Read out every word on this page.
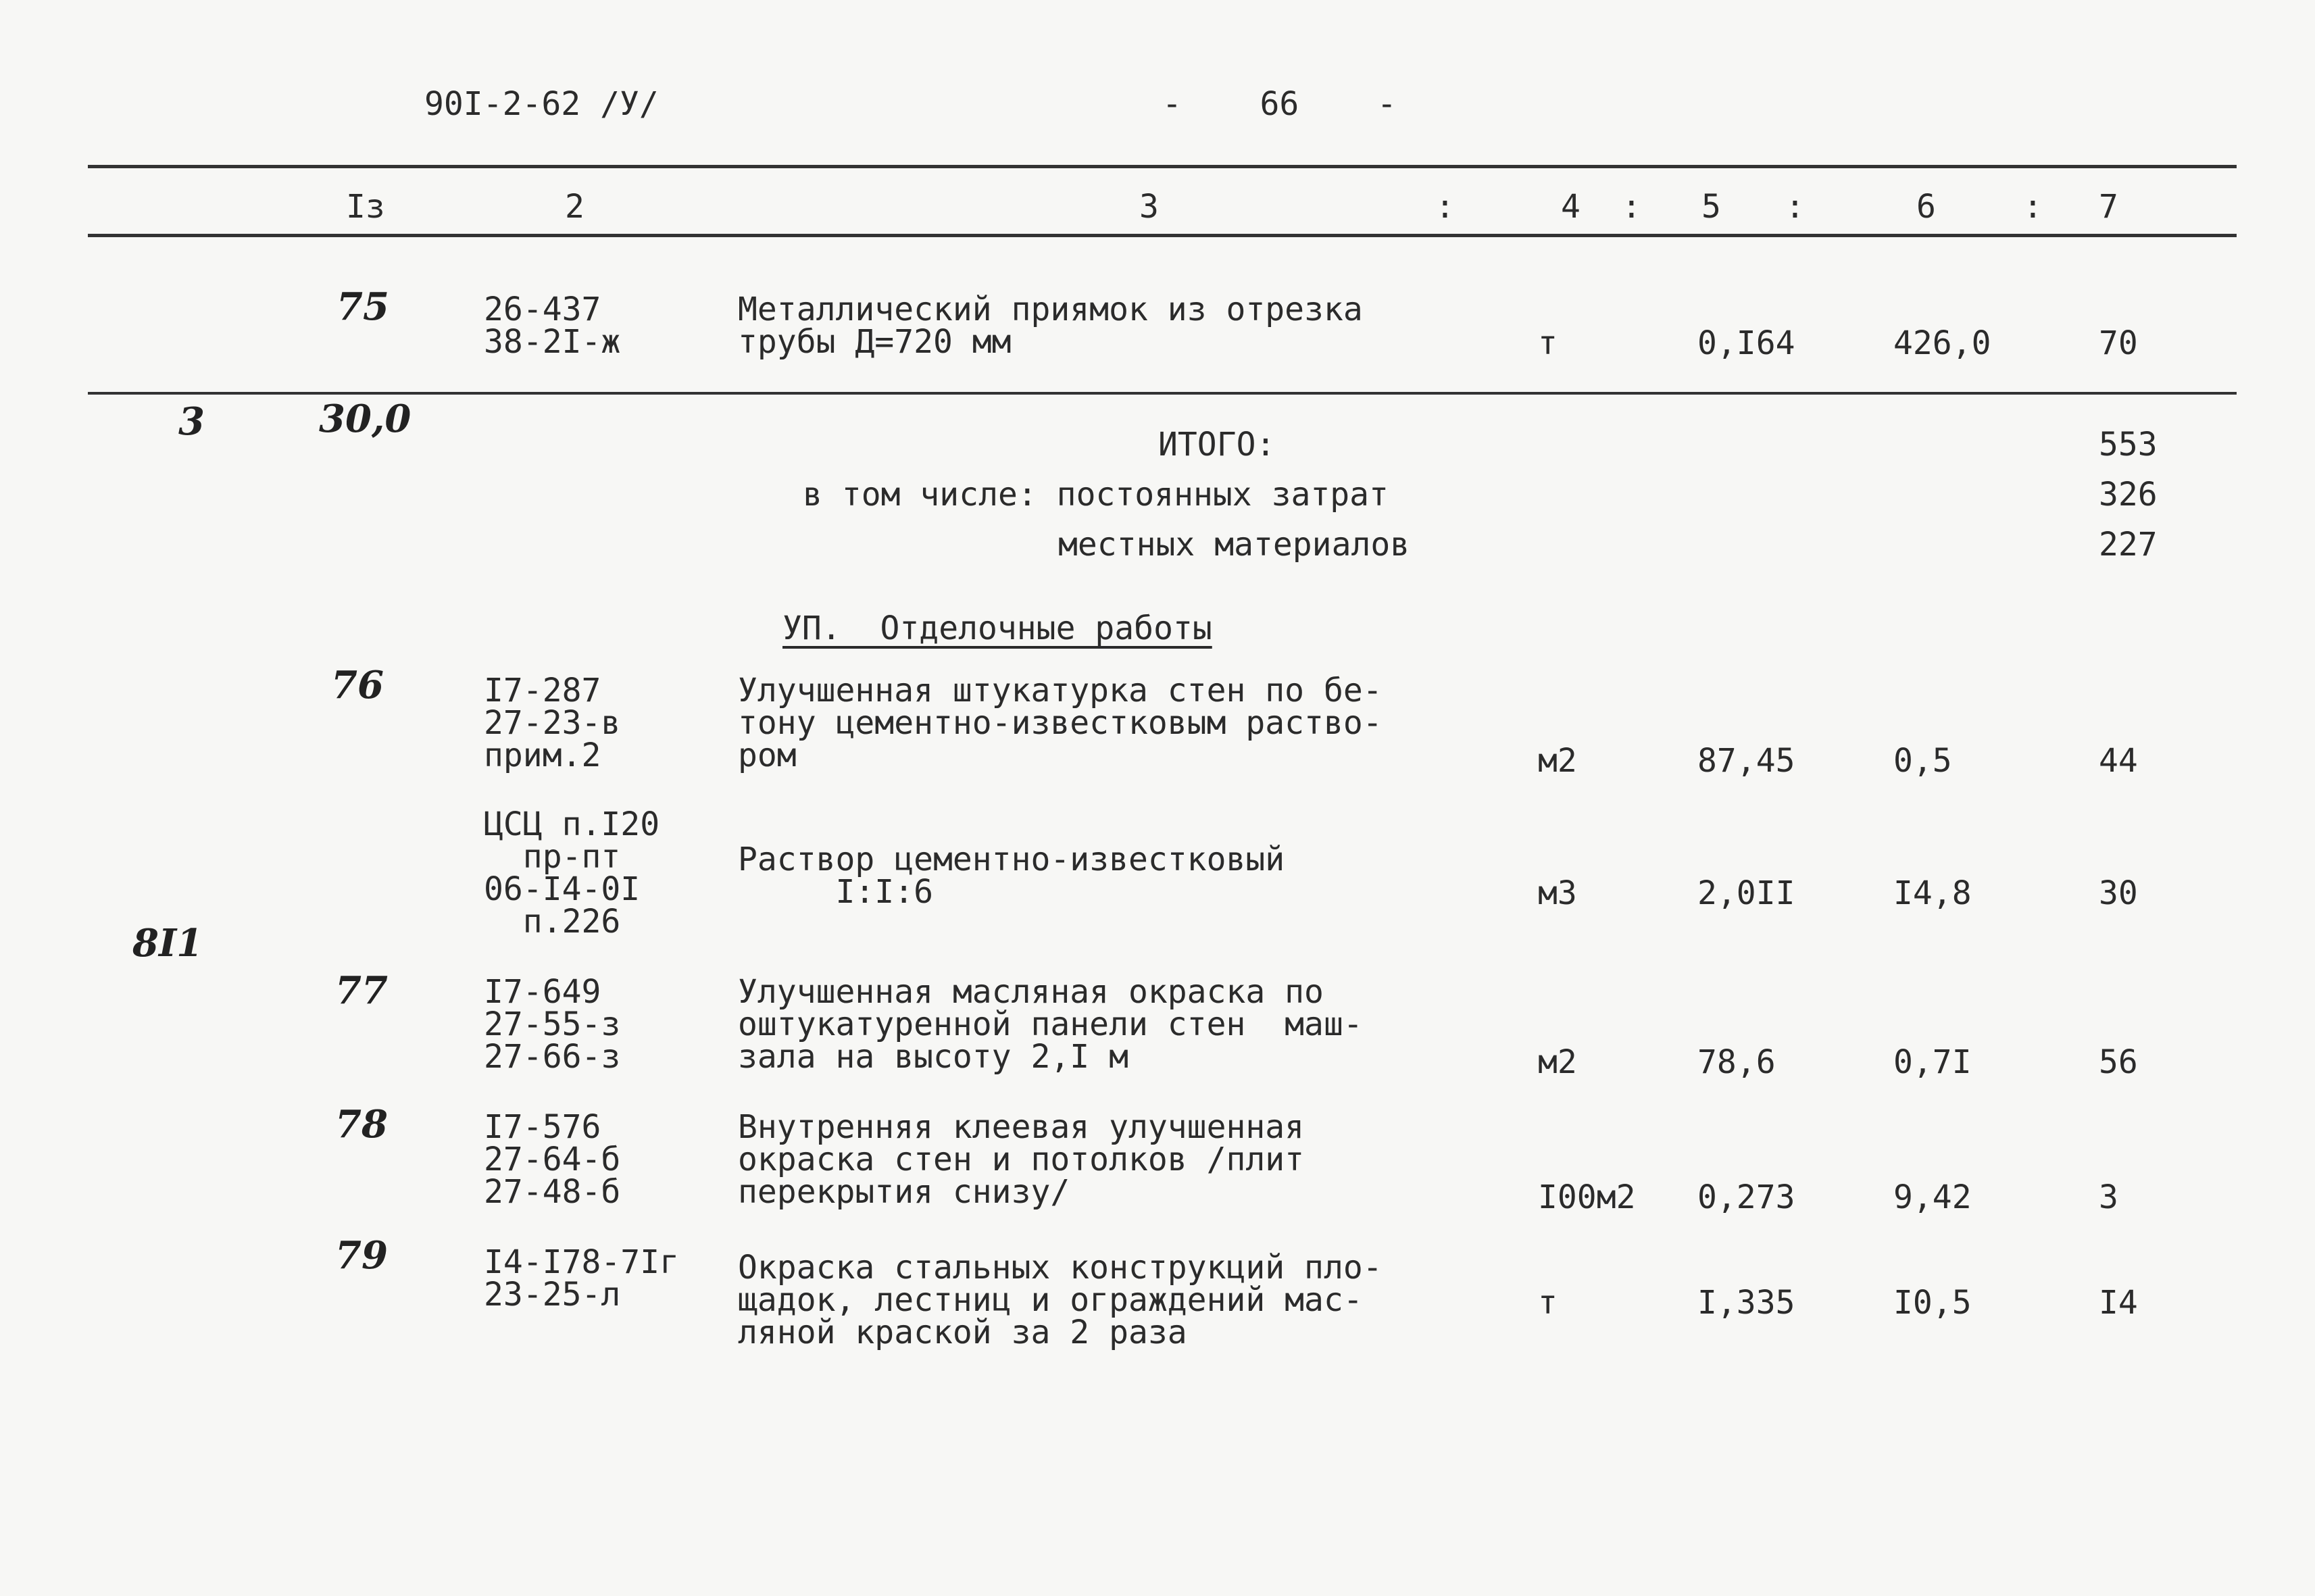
90I-2-62 /У/	-    66    -
Iз	2	3	4	5	6	7
:	:	:	:
75	26-437
38-2I-ж
Металлический приямок из отрезка
трубы Д=720 мм	т	0,I64	426,0	70
3	30,0
8I1
ИТОГО:	553
в том числе: постоянных затрат	326
местных материалов	227
УП.  Отделочные работы
76	I7-287
27-23-в
прим.2
Улучшенная штукатурка стен по бе-
тону цементно-известковым раство-
ром	м2	87,45	0,5	44
ЦСЦ п.I20
пр-пт
06-I4-0I
п.226
Раствор цементно-известковый
I:I:6	м3	2,0II	I4,8	30
77	I7-649
27-55-з
27-66-з
Улучшенная масляная окраска по
оштукатуренной панели стен  маш-
зала на высоту 2,I м	м2	78,6	0,7I	56
78	I7-576
27-64-б
27-48-б
Внутренняя клеевая улучшенная
окраска стен и потолков /плит
перекрытия снизу/	I00м2 0,273	9,42	3
79	I4-I78-7Iг
23-25-л
Окраска стальных конструкций пло-
щадок, лестниц и ограждений мас-
ляной краской за 2 раза
т	I,335	I0,5	I4
